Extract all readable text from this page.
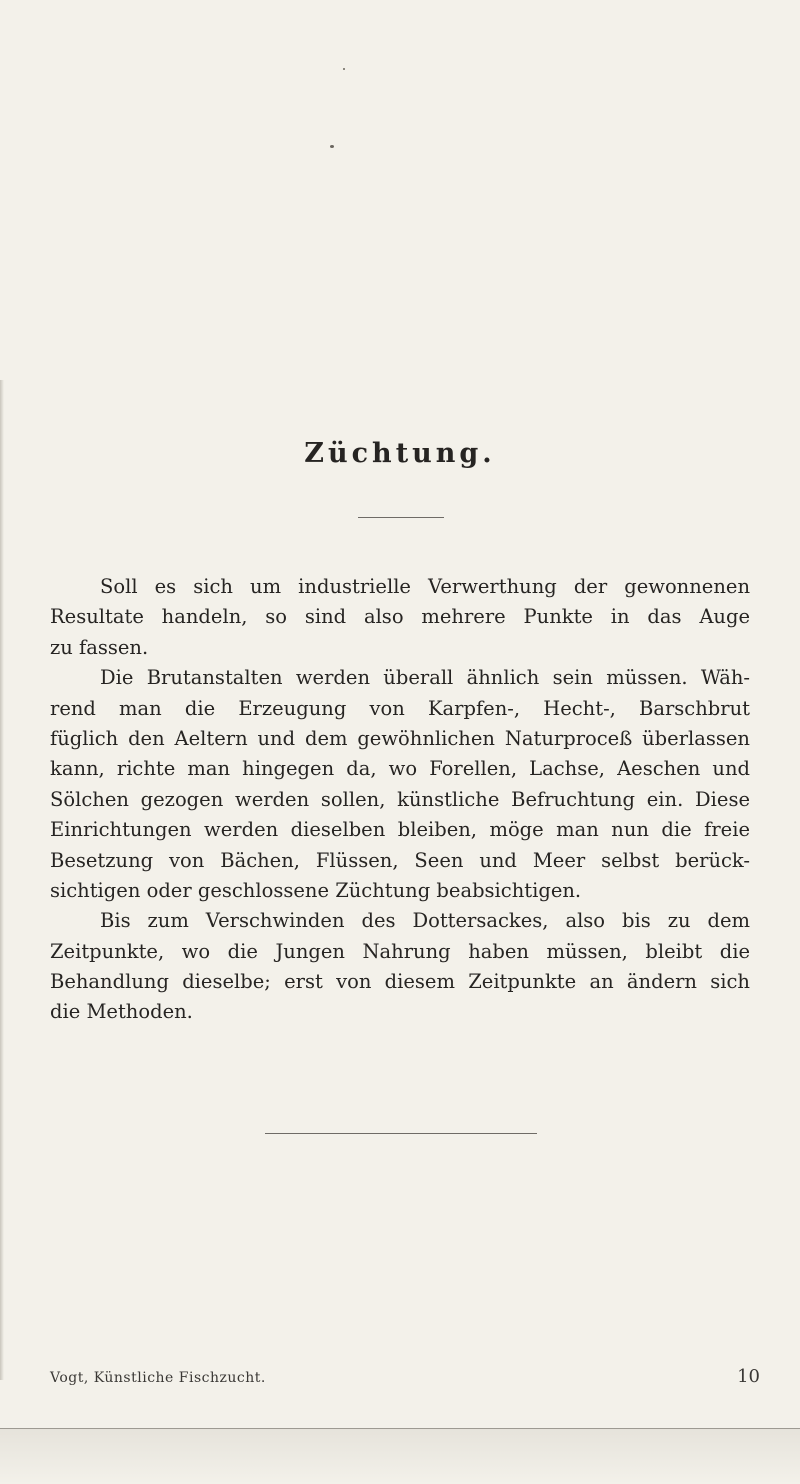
Züchtung.
Soll es sich um industrielle Verwerthung der gewonnenen
Resultate handeln, so sind also mehrere Punkte in das Auge
zu fassen.
Die Brutanstalten werden überall ähnlich sein müssen. Wäh-
rend man die Erzeugung von Karpfen-, Hecht-, Barschbrut
füglich den Aeltern und dem gewöhnlichen Naturproceß überlassen
kann, richte man hingegen da, wo Forellen, Lachse, Aeschen und
Sölchen gezogen werden sollen, künstliche Befruchtung ein. Diese
Einrichtungen werden dieselben bleiben, möge man nun die freie
Besetzung von Bächen, Flüssen, Seen und Meer selbst berück-
sichtigen oder geschlossene Züchtung beabsichtigen.
Bis zum Verschwinden des Dottersackes, also bis zu dem
Zeitpunkte, wo die Jungen Nahrung haben müssen, bleibt die
Behandlung dieselbe; erst von diesem Zeitpunkte an ändern sich
die Methoden.
Vogt, Künstliche Fischzucht.	10
